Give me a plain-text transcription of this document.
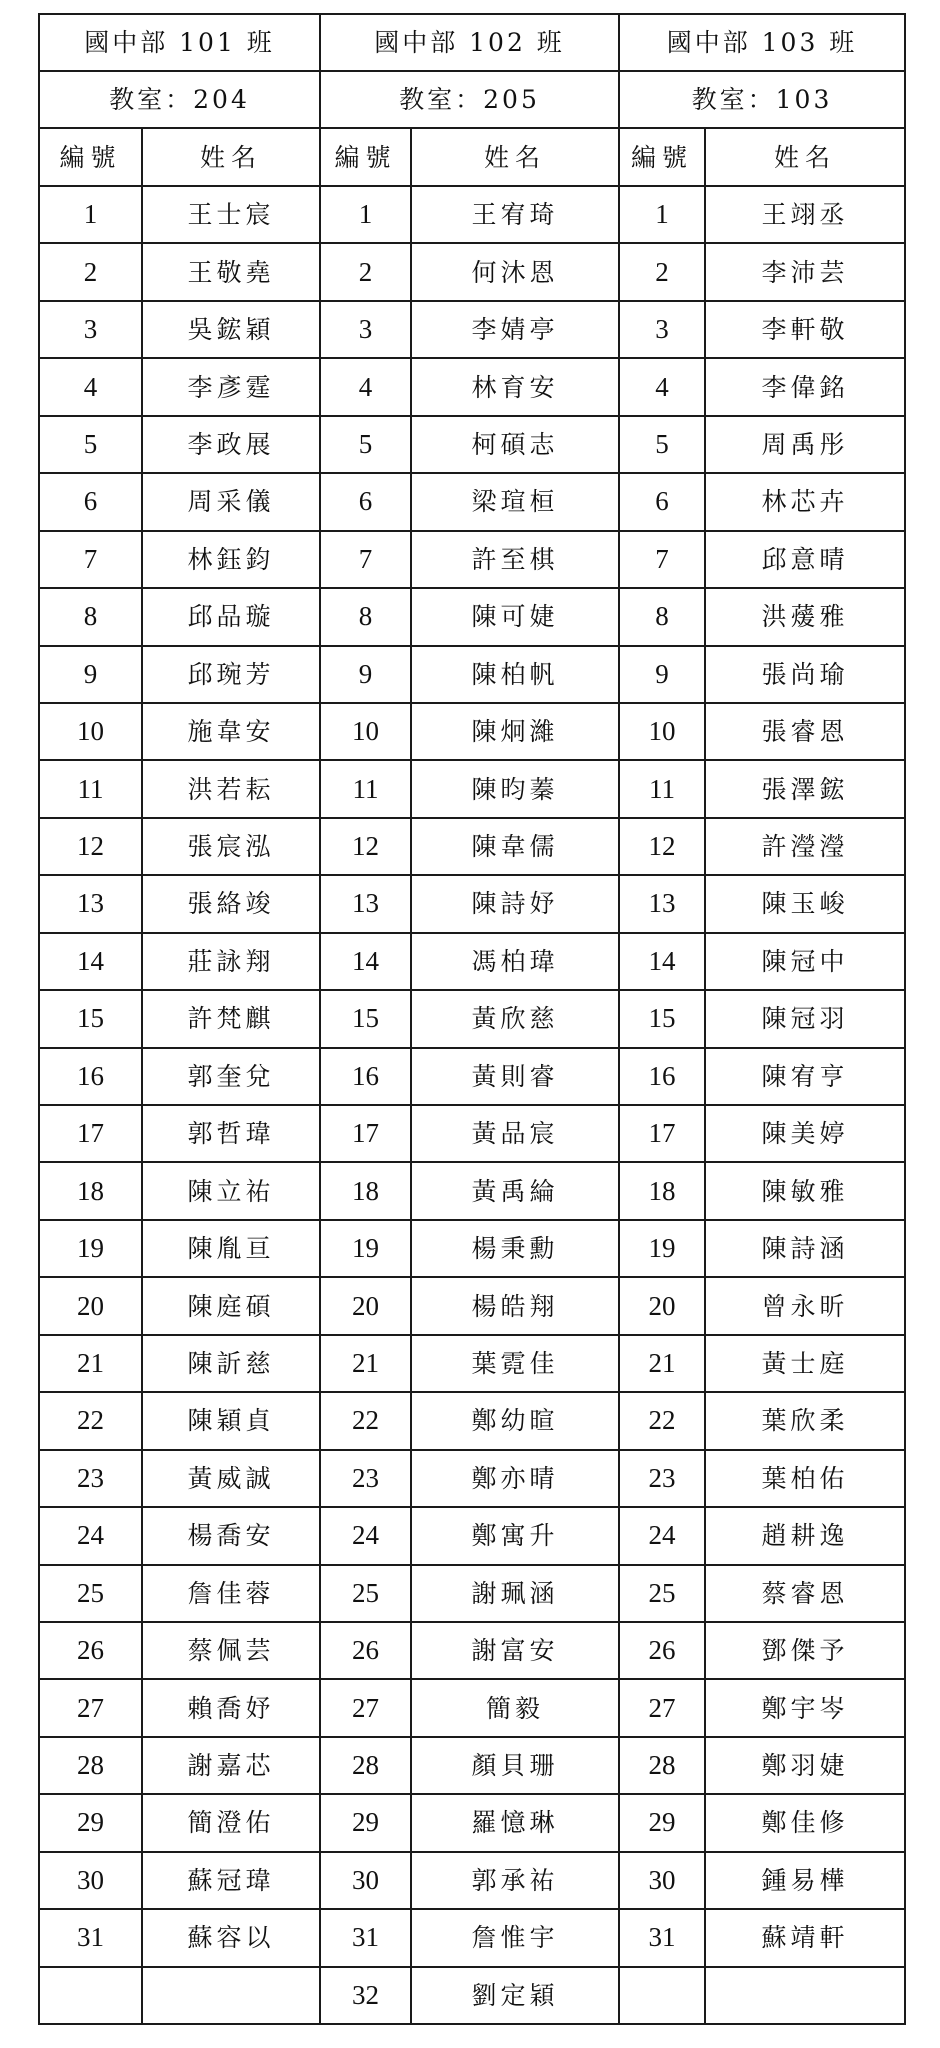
國中部 101 班		國中部 102 班		國中部 103 班	
教室：204		教室：205		教室：103	
編號	姓名	編號	姓名	編號	姓名
1	王士宸	1	王宥琦	1	王翊丞
2	王敬堯	2	何沐恩	2	李沛芸
3	吳鋐穎	3	李婧亭	3	李軒敬
4	李彥霆	4	林育安	4	李偉銘
5	李政展	5	柯碩志	5	周禹彤
6	周采儀	6	梁瑄桓	6	林芯卉
7	林鈺鈞	7	許至棋	7	邱意晴
8	邱品璇	8	陳可婕	8	洪蕿雅
9	邱琬芳	9	陳柏帆	9	張尚瑜
10	施韋安	10	陳炯濰	10	張睿恩
11	洪若耘	11	陳昀蓁	11	張澤鋐
12	張宸泓	12	陳韋儒	12	許瀅瀅
13	張絡竣	13	陳詩妤	13	陳玉峻
14	莊詠翔	14	馮柏瑋	14	陳冠中
15	許梵麒	15	黃欣慈	15	陳冠羽
16	郭奎兌	16	黃則睿	16	陳宥亨
17	郭哲瑋	17	黃品宸	17	陳美婷
18	陳立祐	18	黃禹綸	18	陳敏雅
19	陳胤亘	19	楊秉勳	19	陳詩涵
20	陳庭碩	20	楊皓翔	20	曾永昕
21	陳訢慈	21	葉霓佳	21	黃士庭
22	陳穎貞	22	鄭幼暄	22	葉欣柔
23	黃威誠	23	鄭亦晴	23	葉柏佑
24	楊喬安	24	鄭寓升	24	趙耕逸
25	詹佳蓉	25	謝珮涵	25	蔡睿恩
26	蔡佩芸	26	謝富安	26	鄧傑予
27	賴喬妤	27	簡毅	27	鄭宇岑
28	謝嘉芯	28	顏貝珊	28	鄭羽婕
29	簡澄佑	29	羅憶琳	29	鄭佳修
30	蘇冠瑋	30	郭承祐	30	鍾易樺
31	蘇容以	31	詹惟宇	31	蘇靖軒
		32	劉定穎		
